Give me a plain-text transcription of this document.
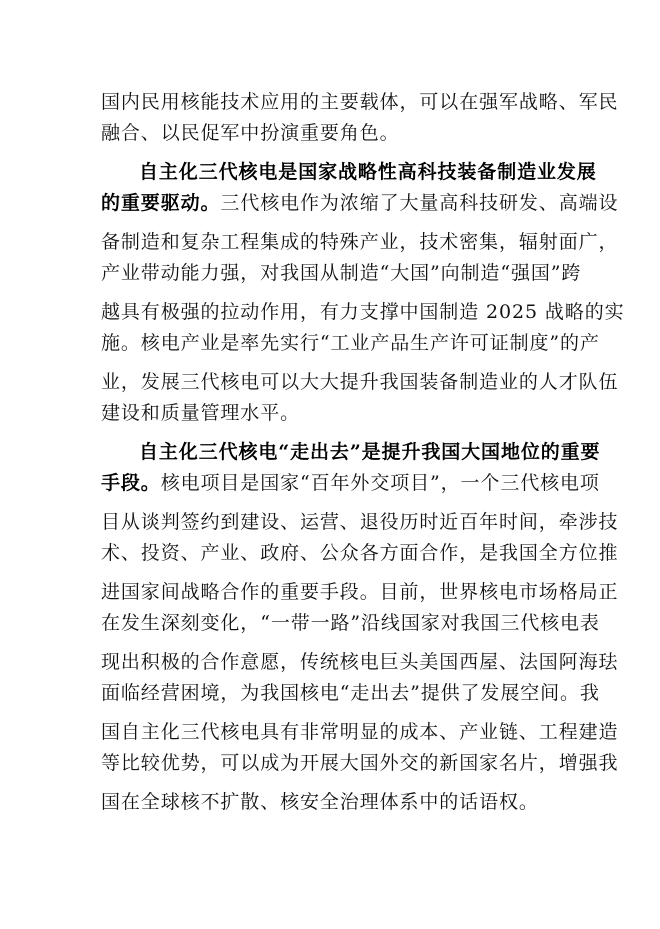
国内民用核能技术应用的主要载体，可以在强军战略、军民
融合、以民促军中扮演重要角色。
自主化三代核电是国家战略性高科技装备制造业发展
的重要驱动。三代核电作为浓缩了大量高科技研发、高端设
备制造和复杂工程集成的特殊产业，技术密集，辐射面广，
产业带动能力强，对我国从制造“大国”向制造“强国”跨
越具有极强的拉动作用，有力支撑中国制造 2025 战略的实
施。核电产业是率先实行“工业产品生产许可证制度”的产
业，发展三代核电可以大大提升我国装备制造业的人才队伍
建设和质量管理水平。
自主化三代核电“走出去”是提升我国大国地位的重要
手段。核电项目是国家“百年外交项目”，一个三代核电项
目从谈判签约到建设、运营、退役历时近百年时间，牵涉技
术、投资、产业、政府、公众各方面合作，是我国全方位推
进国家间战略合作的重要手段。目前，世界核电市场格局正
在发生深刻变化，“一带一路”沿线国家对我国三代核电表
现出积极的合作意愿，传统核电巨头美国西屋、法国阿海珐
面临经营困境，为我国核电“走出去”提供了发展空间。我
国自主化三代核电具有非常明显的成本、产业链、工程建造
等比较优势，可以成为开展大国外交的新国家名片，增强我
国在全球核不扩散、核安全治理体系中的话语权。
